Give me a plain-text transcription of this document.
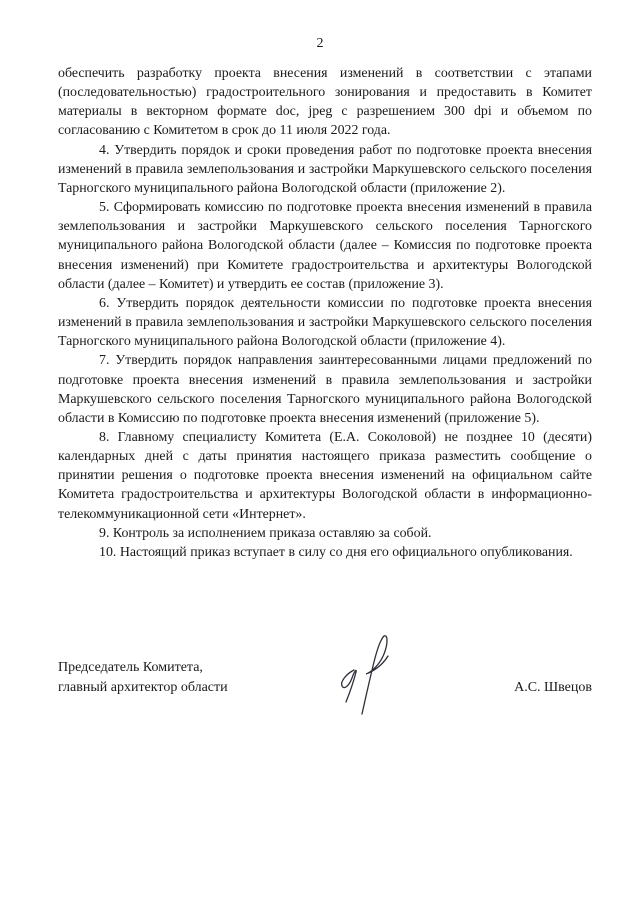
2

обеспечить разработку проекта внесения изменений в соответствии с этапами (последовательностью) градостроительного зонирования и предоставить в Комитет материалы в векторном формате doc, jpeg с разрешением 300 dpi и объемом по согласованию с Комитетом в срок до 11 июля 2022 года.

4. Утвердить порядок и сроки проведения работ по подготовке проекта внесения изменений в правила землепользования и застройки Маркушевского сельского поселения Тарногского муниципального района Вологодской области (приложение 2).

5. Сформировать комиссию по подготовке проекта внесения изменений в правила землепользования и застройки Маркушевского сельского поселения Тарногского муниципального района Вологодской области (далее – Комиссия по подготовке проекта внесения изменений) при Комитете градостроительства и архитектуры Вологодской области (далее – Комитет) и утвердить ее состав (приложение 3).

6. Утвердить порядок деятельности комиссии по подготовке проекта внесения изменений в правила землепользования и застройки Маркушевского сельского поселения Тарногского муниципального района Вологодской области (приложение 4).

7. Утвердить порядок направления заинтересованными лицами предложений по подготовке проекта внесения изменений в правила землепользования и застройки Маркушевского сельского поселения Тарногского муниципального района Вологодской области в Комиссию по подготовке проекта внесения изменений (приложение 5).

8. Главному специалисту Комитета (Е.А. Соколовой) не позднее 10 (десяти) календарных дней с даты принятия настоящего приказа разместить сообщение о принятии решения о подготовке проекта внесения изменений на официальном сайте Комитета градостроительства и архитектуры Вологодской области в информационно-телекоммуникационной сети «Интернет».

9. Контроль за исполнением приказа оставляю за собой.

10. Настоящий приказ вступает в силу со дня его официального опубликования.

Председатель Комитета,
главный архитектор области	А.С. Швецов
